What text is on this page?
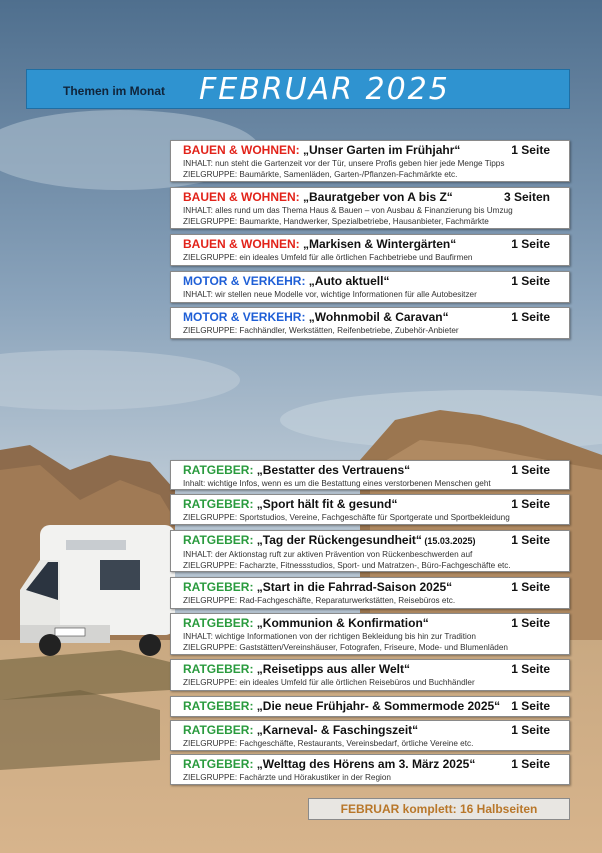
Themen im Monat FEBRUAR 2025
BAUEN & WOHNEN: „Unser Garten im Frühjahr“	1 Seite
INHALT: nun steht die Gartenzeit vor der Tür, unsere Profis geben hier jede Menge Tipps
ZIELGRUPPE: Baumärkte, Samenläden, Garten-/Pflanzen-Fachmärkte etc.
BAUEN & WOHNEN: „Bauratgeber von A bis Z“	3 Seiten
INHALT: alles rund um das Thema Haus & Bauen – von Ausbau & Finanzierung bis Umzug
ZIELGRUPPE: Baumarkte, Handwerker, Spezialbetriebe, Hausanbieter, Fachmärkte
BAUEN & WOHNEN: „Markisen & Wintergärten“	1 Seite
ZIELGRUPPE: ein ideales Umfeld für alle örtlichen Fachbetriebe und Baufirmen
MOTOR & VERKEHR: „Auto aktuell“	1 Seite
INHALT: wir stellen neue Modelle vor, wichtige Informationen für alle Autobesitzer
MOTOR & VERKEHR: „Wohnmobil & Caravan“	1 Seite
ZIELGRUPPE: Fachhändler, Werkstätten, Reifenbetriebe, Zubehör-Anbieter
RATGEBER: „Bestatter des Vertrauens“	1 Seite
Inhalt: wichtige Infos, wenn es um die Bestattung eines verstorbenen Menschen geht
RATGEBER: „Sport hält fit & gesund“	1 Seite
ZIELGRUPPE: Sportstudios, Vereine, Fachgeschäfte für Sportgerate und Sportbekleidung
RATGEBER: „Tag der Rückengesundheit“ (15.03.2025)	1 Seite
INHALT: der Aktionstag ruft zur aktiven Prävention von Rückenbeschwerden auf
ZIELGRUPPE: Facharzte, Fitnessstudios, Sport- und Matratzen-, Büro-Fachgeschäfte etc.
RATGEBER: „Start in die Fahrrad-Saison 2025“	1 Seite
ZIELGRUPPE: Rad-Fachgeschäfte, Reparaturwerkstätten, Reisebüros etc.
RATGEBER: „Kommunion & Konfirmation“	1 Seite
INHALT: wichtige Informationen von der richtigen Bekleidung bis hin zur Tradition
ZIELGRUPPE: Gaststätten/Vereinshäuser, Fotografen, Friseure, Mode- und Blumenläden
RATGEBER: „Reisetipps aus aller Welt“	1 Seite
ZIELGRUPPE: ein ideales Umfeld für alle örtlichen Reisebüros und Buchhändler
RATGEBER: „Die neue Frühjahr- & Sommermode 2025“ 1 Seite
RATGEBER: „Karneval- & Faschingszeit“	1 Seite
ZIELGRUPPE: Fachgeschäfte, Restaurants, Vereinsbedarf, örtliche Vereine etc.
RATGEBER: „Welttag des Hörens am 3. März 2025“	1 Seite
ZIELGRUPPE: Fachärzte und Hörakustiker in der Region
FEBRUAR komplett: 16 Halbseiten
